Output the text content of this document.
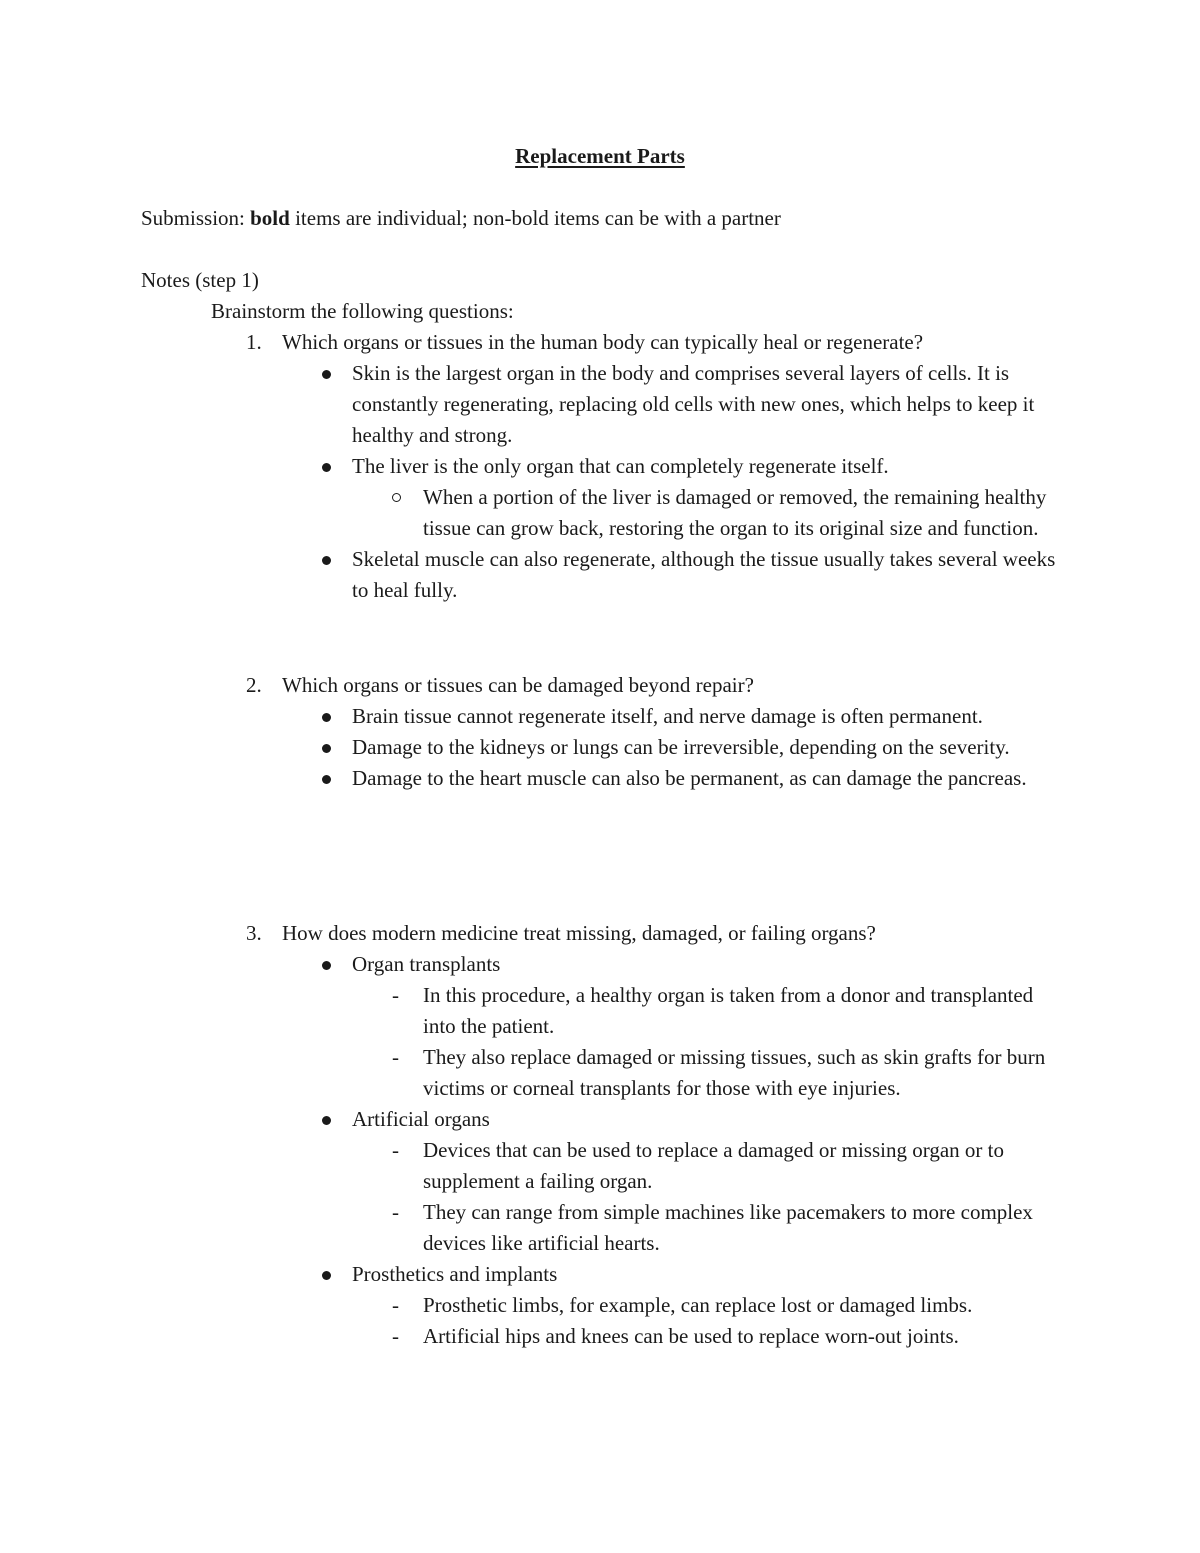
Replacement Parts
Submission: bold items are individual; non-bold items can be with a partner
Notes (step 1)
Brainstorm the following questions:
1. Which organs or tissues in the human body can typically heal or regenerate?
Skin is the largest organ in the body and comprises several layers of cells. It is constantly regenerating, replacing old cells with new ones, which helps to keep it healthy and strong.
The liver is the only organ that can completely regenerate itself.
When a portion of the liver is damaged or removed, the remaining healthy tissue can grow back, restoring the organ to its original size and function.
Skeletal muscle can also regenerate, although the tissue usually takes several weeks to heal fully.
2. Which organs or tissues can be damaged beyond repair?
Brain tissue cannot regenerate itself, and nerve damage is often permanent.
Damage to the kidneys or lungs can be irreversible, depending on the severity.
Damage to the heart muscle can also be permanent, as can damage the pancreas.
3. How does modern medicine treat missing, damaged, or failing organs?
Organ transplants
- In this procedure, a healthy organ is taken from a donor and transplanted into the patient.
- They also replace damaged or missing tissues, such as skin grafts for burn victims or corneal transplants for those with eye injuries.
Artificial organs
- Devices that can be used to replace a damaged or missing organ or to supplement a failing organ.
- They can range from simple machines like pacemakers to more complex devices like artificial hearts.
Prosthetics and implants
- Prosthetic limbs, for example, can replace lost or damaged limbs.
- Artificial hips and knees can be used to replace worn-out joints.
